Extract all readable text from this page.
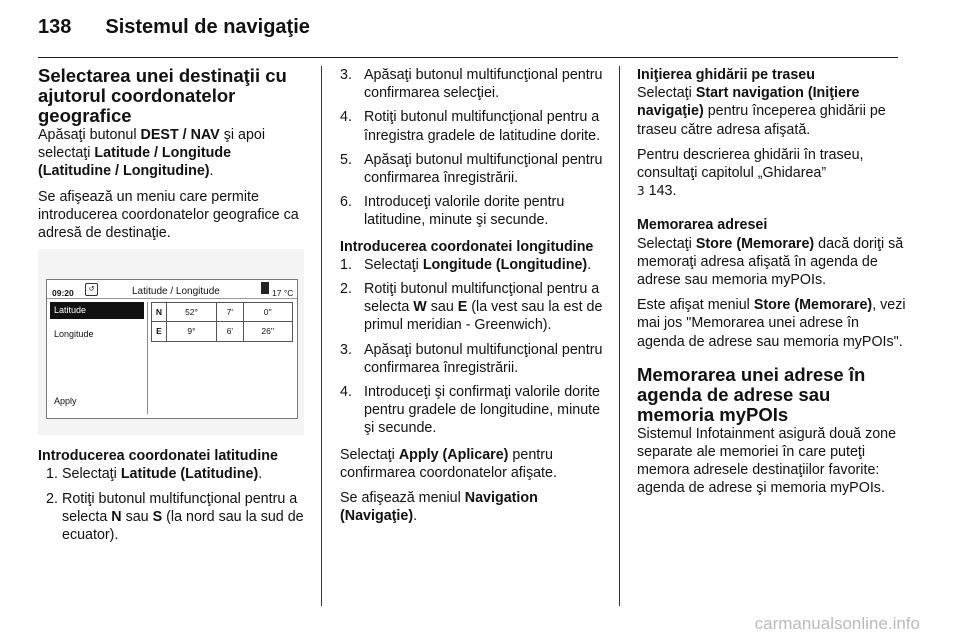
138 Sistemul de navigaţie
Selectarea unei destinaţii cu ajutorul coordonatelor geografice

Apăsaţi butonul DEST / NAV şi apoi selectaţi Latitude / Longitude (Latitudine / Longitudine).

Se afişează un meniu care permite introducerea coordonatelor geografice ca adresă de destinaţie.

09:20	↺	Latitude / Longitude	17 °C
Latitude
Longitude
Apply
N	52°	7'	0''
E	9°	6'	26''
Introducerea coordonatei latitudine
1. Selectaţi Latitude (Latitudine).
2. Rotiţi butonul multifuncţional pentru a selecta N sau S (la nord sau la sud de ecuator).
3. Apăsaţi butonul multifuncţional pentru confirmarea selecţiei.
4. Rotiţi butonul multifuncţional pentru a înregistra gradele de latitudine dorite.
5. Apăsaţi butonul multifuncţional pentru confirmarea înregistrării.
6. Introduceţi valorile dorite pentru latitudine, minute şi secunde.
Introducerea coordonatei longitudine
1. Selectaţi Longitude (Longitudine).
2. Rotiţi butonul multifuncţional pentru a selecta W sau E (la vest sau la est de primul meridian - Greenwich).
3. Apăsaţi butonul multifuncţional pentru confirmarea înregistrării.
4. Introduceţi şi confirmaţi valorile dorite pentru gradele de longitudine, minute şi secunde.

Selectaţi Apply (Aplicare) pentru confirmarea coordonatelor afişate.

Se afişează meniul Navigation (Navigaţie).

Iniţierea ghidării pe traseu

Selectaţi Start navigation (Iniţiere navigaţie) pentru începerea ghidării pe traseu către adresa afişată.

Pentru descrierea ghidării în traseu, consultaţi capitolul „Ghidarea”
3 143.

Memorarea adresei

Selectaţi Store (Memorare) dacă doriţi să memoraţi adresa afişată în agenda de adrese sau memoria myPOIs.

Este afişat meniul Store (Memorare), vezi mai jos "Memorarea unei adrese în agenda de adrese sau memoria myPOIs".

Memorarea unei adrese în agenda de adrese sau memoria myPOIs

Sistemul Infotainment asigură două zone separate ale memoriei în care puteţi memora adresele destinaţiilor favorite: agenda de adrese şi memoria myPOIs.

carmanualsonline.info
